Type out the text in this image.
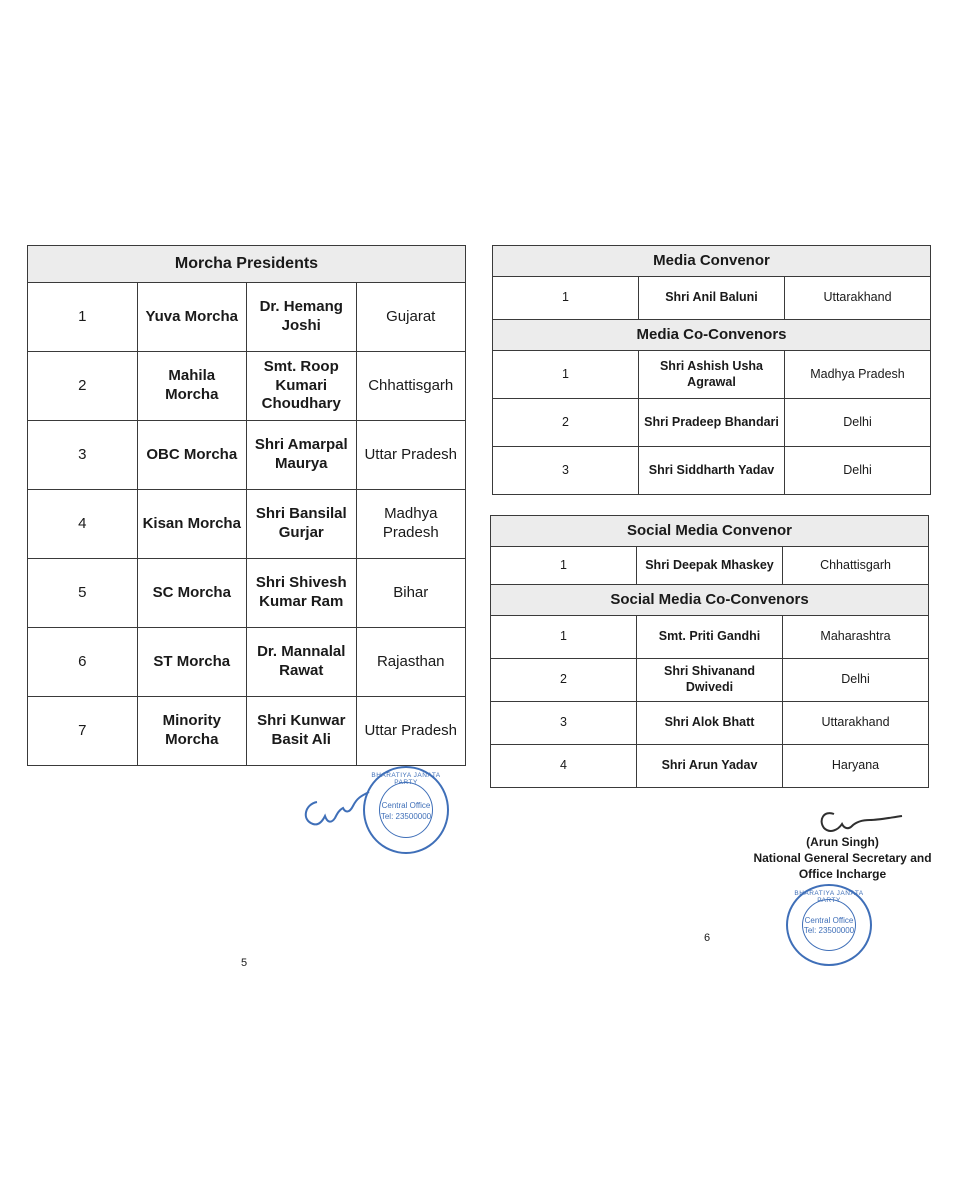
Morcha Presidents			
1	Yuva Morcha	Dr. Hemang Joshi	Gujarat
2	Mahila Morcha	Smt. Roop Kumari Choudhary	Chhattisgarh
3	OBC Morcha	Shri Amarpal Maurya	Uttar Pradesh
4	Kisan Morcha	Shri Bansilal Gurjar	Madhya Pradesh
5	SC Morcha	Shri Shivesh Kumar Ram	Bihar
6	ST Morcha	Dr. Mannalal Rawat	Rajasthan
7	Minority Morcha	Shri Kunwar Basit Ali	Uttar Pradesh
Media Convenor		
1	Shri Anil Baluni	Uttarakhand
Media Co-Convenors		
1	Shri Ashish Usha Agrawal	Madhya Pradesh
2	Shri Pradeep Bhandari	Delhi
3	Shri Siddharth Yadav	Delhi
Social Media Convenor		
1	Shri Deepak Mhaskey	Chhattisgarh
Social Media Co-Convenors		
1	Smt. Priti Gandhi	Maharashtra
2	Shri Shivanand Dwivedi	Delhi
3	Shri Alok Bhatt	Uttarakhand
4	Shri Arun Yadav	Haryana
BHARATIYA JANATA PARTY
Central Office
Tel: 23500000
(Arun Singh)
National General Secretary and
Office Incharge
BHARATIYA JANATA PARTY
Central Office
Tel: 23500000
5
6
